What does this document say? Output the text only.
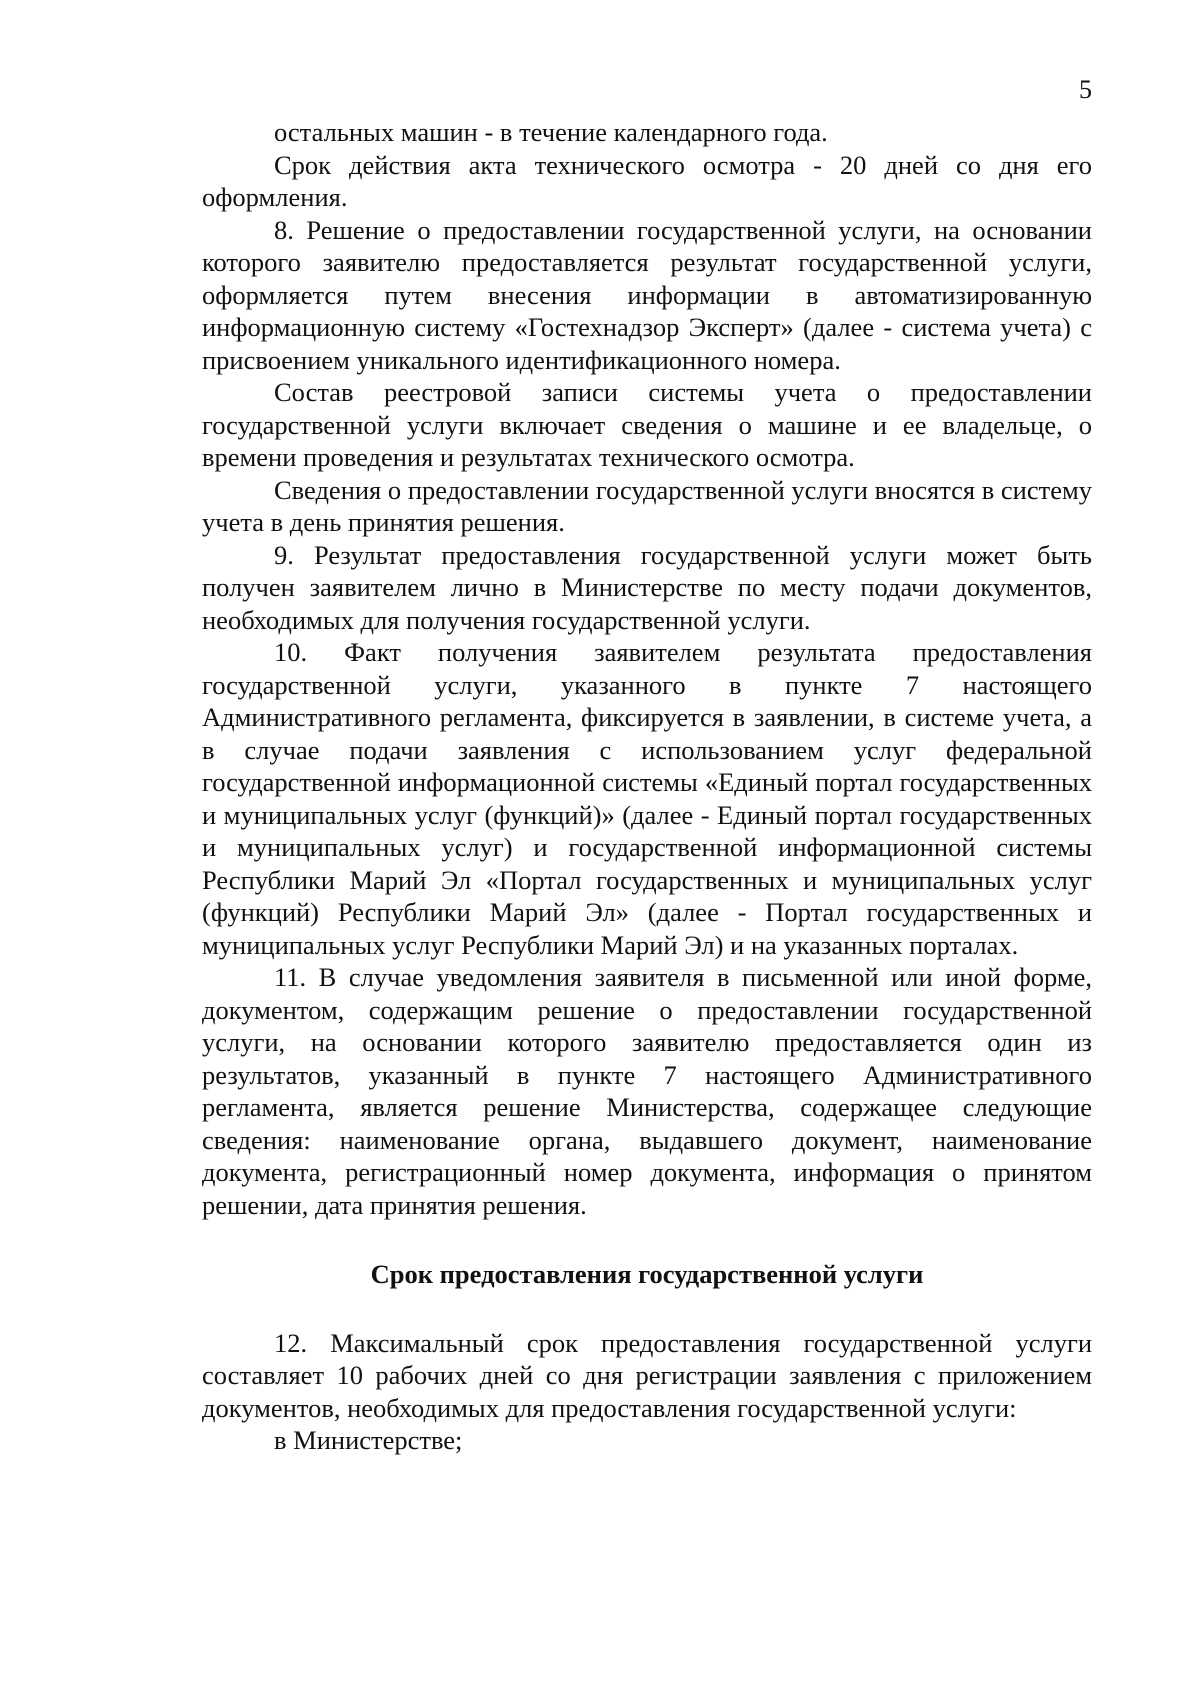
5

остальных машин - в течение календарного года.

Срок действия акта технического осмотра - 20 дней со дня его оформления.

8. Решение о предоставлении государственной услуги, на основании которого заявителю предоставляется результат государственной услуги, оформляется путем внесения информации в автоматизированную информационную систему «Гостехнадзор Эксперт» (далее - система учета) с присвоением уникального идентификационного номера.

Состав реестровой записи системы учета о предоставлении государственной услуги включает сведения о машине и ее владельце, о времени проведения и результатах технического осмотра.

Сведения о предоставлении государственной услуги вносятся в систему учета в день принятия решения.

9. Результат предоставления государственной услуги может быть получен заявителем лично в Министерстве по месту подачи документов, необходимых для получения государственной услуги.

10. Факт получения заявителем результата предоставления государственной услуги, указанного в пункте 7 настоящего Административного регламента, фиксируется в заявлении, в системе учета, а в случае подачи заявления с использованием услуг федеральной государственной информационной системы «Единый портал государственных и муниципальных услуг (функций)» (далее - Единый портал государственных и муниципальных услуг) и государственной информационной системы Республики Марий Эл «Портал государственных и муниципальных услуг (функций) Республики Марий Эл» (далее - Портал государственных и муниципальных услуг Республики Марий Эл) и на указанных порталах.

11. В случае уведомления заявителя в письменной или иной форме, документом, содержащим решение о предоставлении государственной услуги, на основании которого заявителю предоставляется один из результатов, указанный в пункте 7 настоящего Административного регламента, является решение Министерства, содержащее следующие сведения: наименование органа, выдавшего документ, наименование документа, регистрационный номер документа, информация о принятом решении, дата принятия решения.

Срок предоставления государственной услуги

12. Максимальный срок предоставления государственной услуги составляет 10 рабочих дней со дня регистрации заявления с приложением документов, необходимых для предоставления государственной услуги:

в Министерстве;
